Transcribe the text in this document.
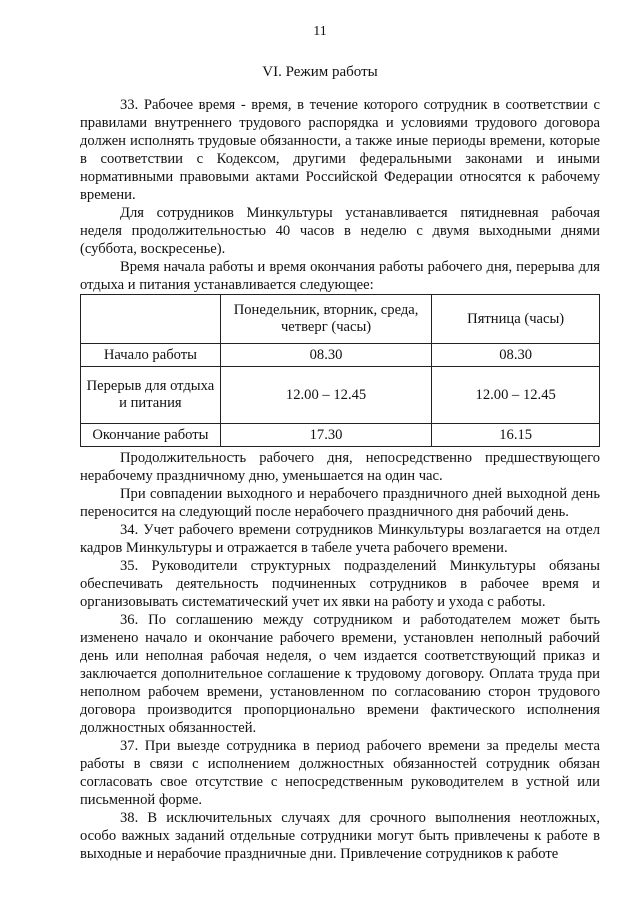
11
VI. Режим работы

33. Рабочее время - время, в течение которого сотрудник в соответствии с правилами внутреннего трудового распорядка и условиями трудового договора должен исполнять трудовые обязанности, а также иные периоды времени, которые в соответствии с Кодексом, другими федеральными законами и иными нормативными правовыми актами Российской Федерации относятся к рабочему времени.

Для сотрудников Минкультуры устанавливается пятидневная рабочая неделя продолжительностью 40 часов в неделю с двумя выходными днями (суббота, воскресенье).

Время начала работы и время окончания работы рабочего дня, перерыва для отдыха и питания устанавливается следующее:

	Понедельник, вторник, среда, четверг (часы)	Пятница (часы)
Начало работы	08.30	08.30
Перерыв для отдыха и питания	12.00 – 12.45	12.00 – 12.45
Окончание работы	17.30	16.15

Продолжительность рабочего дня, непосредственно предшествующего нерабочему праздничному дню, уменьшается на один час.

При совпадении выходного и нерабочего праздничного дней выходной день переносится на следующий после нерабочего праздничного дня рабочий день.

34. Учет рабочего времени сотрудников Минкультуры возлагается на отдел кадров Минкультуры и отражается в табеле учета рабочего времени.

35. Руководители структурных подразделений Минкультуры обязаны обеспечивать деятельность подчиненных сотрудников в рабочее время и организовывать систематический учет их явки на работу и ухода с работы.

36. По соглашению между сотрудником и работодателем может быть изменено начало и окончание рабочего времени, установлен неполный рабочий день или неполная рабочая неделя, о чем издается соответствующий приказ и заключается дополнительное соглашение к трудовому договору. Оплата труда при неполном рабочем времени, установленном по согласованию сторон трудового договора производится пропорционально времени фактического исполнения должностных обязанностей.

37. При выезде сотрудника в период рабочего времени за пределы места работы в связи с исполнением должностных обязанностей сотрудник обязан согласовать свое отсутствие с непосредственным руководителем в устной или письменной форме.

38. В исключительных случаях для срочного выполнения неотложных, особо важных заданий отдельные сотрудники могут быть привлечены к работе в выходные и нерабочие праздничные дни. Привлечение сотрудников к работе
